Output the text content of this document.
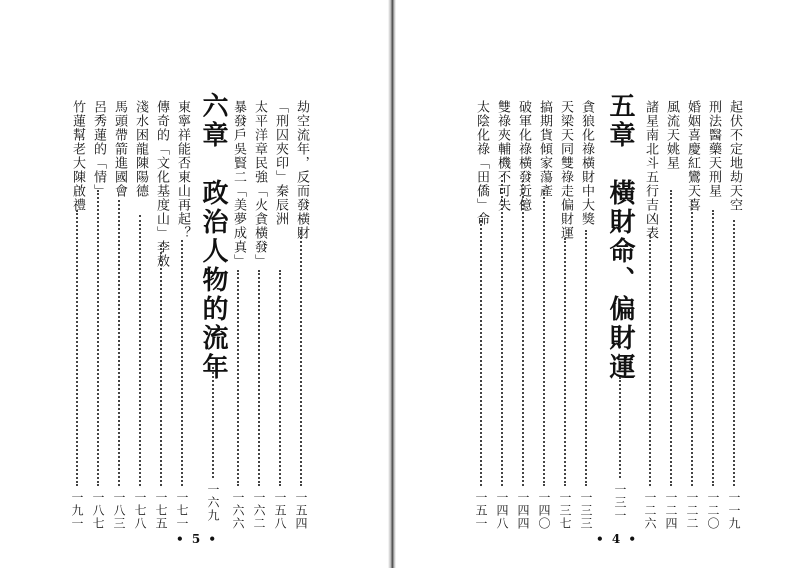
劫空流年，反而發橫財
一五四
「刑囚夾印」秦辰洲
一五八
太平洋章民強「火貪橫發」
一六二
暴發戶吳賢二「美夢成真」
一六六
六章　政治人物的流年
一六九
東寧祥能否東山再起？
一七一
傳奇的「文化基度山」李敖
一七五
淺水困龍陳陽德
一七八
馬頭帶箭進國會
一八三
呂秀蓮的「情」
一八七
竹蓮幫老大陳啟禮
一九一
• 5 •
起伏不定地劫天空
一一九
刑法醫藥天刑星
一二〇
婚姻喜慶紅鸞天喜
一二二
風流天姚星
一二四
諸星南北斗五行吉凶表
一二六
五章　橫財命、偏財運
一三一
貪狼化祿橫財中大獎
一三三
天梁天同雙祿走偏財運
一三七
搞期貨傾家蕩產
一四〇
破軍化祿橫發近億
一四四
雙祿夾輔機不可失
一四八
太陰化祿「田僑」命
一五一
• 4 •
